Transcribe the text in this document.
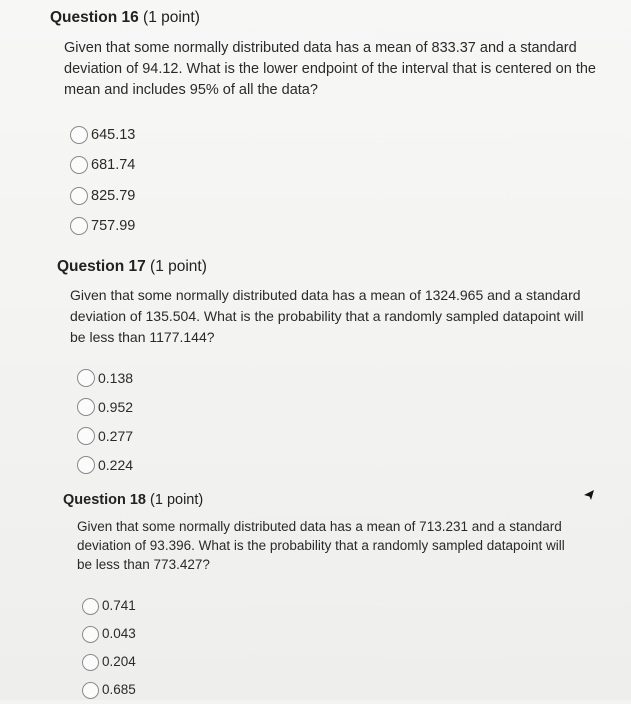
Question 16 (1 point)

Given that some normally distributed data has a mean of 833.37 and a standard
deviation of 94.12. What is the lower endpoint of the interval that is centered on the
mean and includes 95% of all the data?
645.13
681.74
825.79
757.99

Question 17 (1 point)

Given that some normally distributed data has a mean of 1324.965 and a standard
deviation of 135.504. What is the probability that a randomly sampled datapoint will
be less than 1177.144?
0.138
0.952
0.277
0.224

Question 18 (1 point)

Given that some normally distributed data has a mean of 713.231 and a standard
deviation of 93.396. What is the probability that a randomly sampled datapoint will
be less than 773.427?
0.741
0.043
0.204
0.685
